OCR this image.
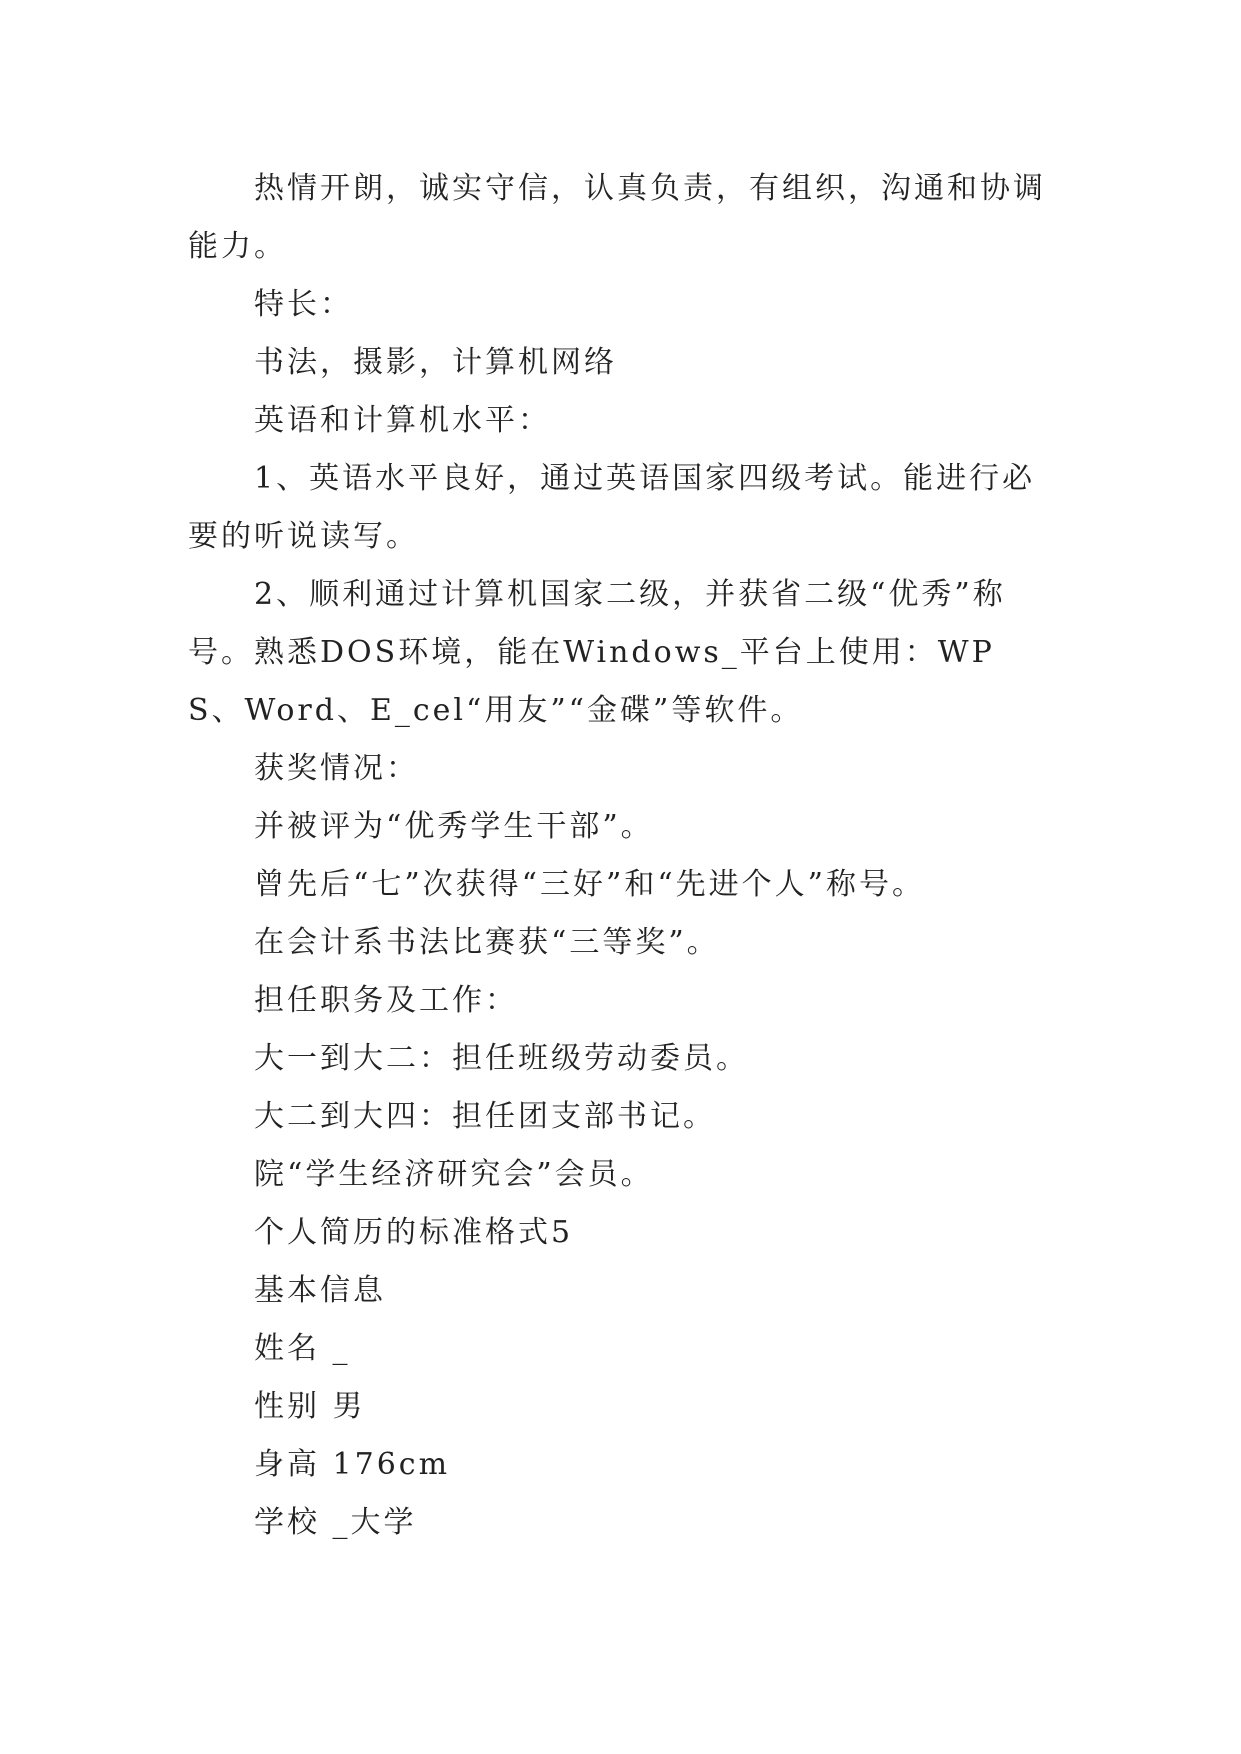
热情开朗，诚实守信，认真负责，有组织，沟通和协调能力。

特长：

书法，摄影，计算机网络

英语和计算机水平：

1、英语水平良好，通过英语国家四级考试。能进行必要的听说读写。

2、顺利通过计算机国家二级，并获省二级“优秀”称号。熟悉DOS环境，能在Windows_平台上使用：WPS、Word、E_cel“用友”“金碟”等软件。

获奖情况：

并被评为“优秀学生干部”。

曾先后“七”次获得“三好”和“先进个人”称号。

在会计系书法比赛获“三等奖”。

担任职务及工作：

大一到大二：担任班级劳动委员。

大二到大四：担任团支部书记。

院“学生经济研究会”会员。

个人简历的标准格式5

基本信息

姓名 _

性别 男

身高 176cm

学校 _大学
